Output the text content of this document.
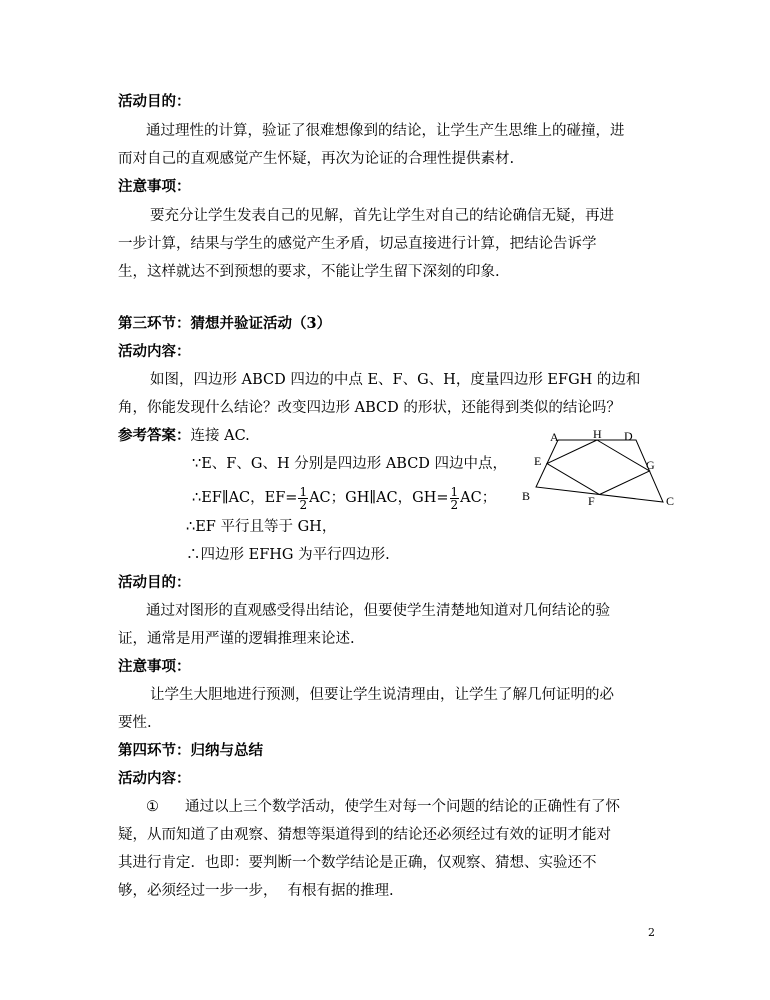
活动目的：
通过理性的计算，验证了很难想像到的结论，让学生产生思维上的碰撞，进
而对自己的直观感觉产生怀疑，再次为论证的合理性提供素材.
注意事项：
要充分让学生发表自己的见解，首先让学生对自己的结论确信无疑，再进
一步计算，结果与学生的感觉产生矛盾，切忌直接进行计算，把结论告诉学
生，这样就达不到预想的要求，不能让学生留下深刻的印象.
第三环节：猜想并验证活动（3）
活动内容：
如图，四边形 ABCD 四边的中点 E、F、G、H，度量四边形 EFGH 的边和
角，你能发现什么结论？改变四边形 ABCD 的形状，还能得到类似的结论吗？
参考答案：连接 AC.
∵E、F、G、H 分别是四边形 ABCD 四边中点，
∴EF∥AC，$EF= \frac{1}{2}$ AC；GH∥AC，$GH= \frac{1}{2}$ AC；
∴EF 平行且等于 GH，
∴四边形 EFHG 为平行四边形.
活动目的：
通过对图形的直观感受得出结论，但要使学生清楚地知道对几何结论的验
证，通常是用严谨的逻辑推理来论述.
注意事项：
让学生大胆地进行预测，但要让学生说清理由，让学生了解几何证明的必
要性.
A	H D
E	G
B	F	C
第四环节：归纳与总结
活动内容：
① 通过以上三个数学活动，使学生对每一个问题的结论的正确性有了怀
疑，从而知道了由观察、猜想等渠道得到的结论还必须经过有效的证明才能对
其进行肯定．也即：要判断一个数学结论是正确，仅观察、猜想、实验还不
够，必须经过一步一步， 有根有据的推理.
2
